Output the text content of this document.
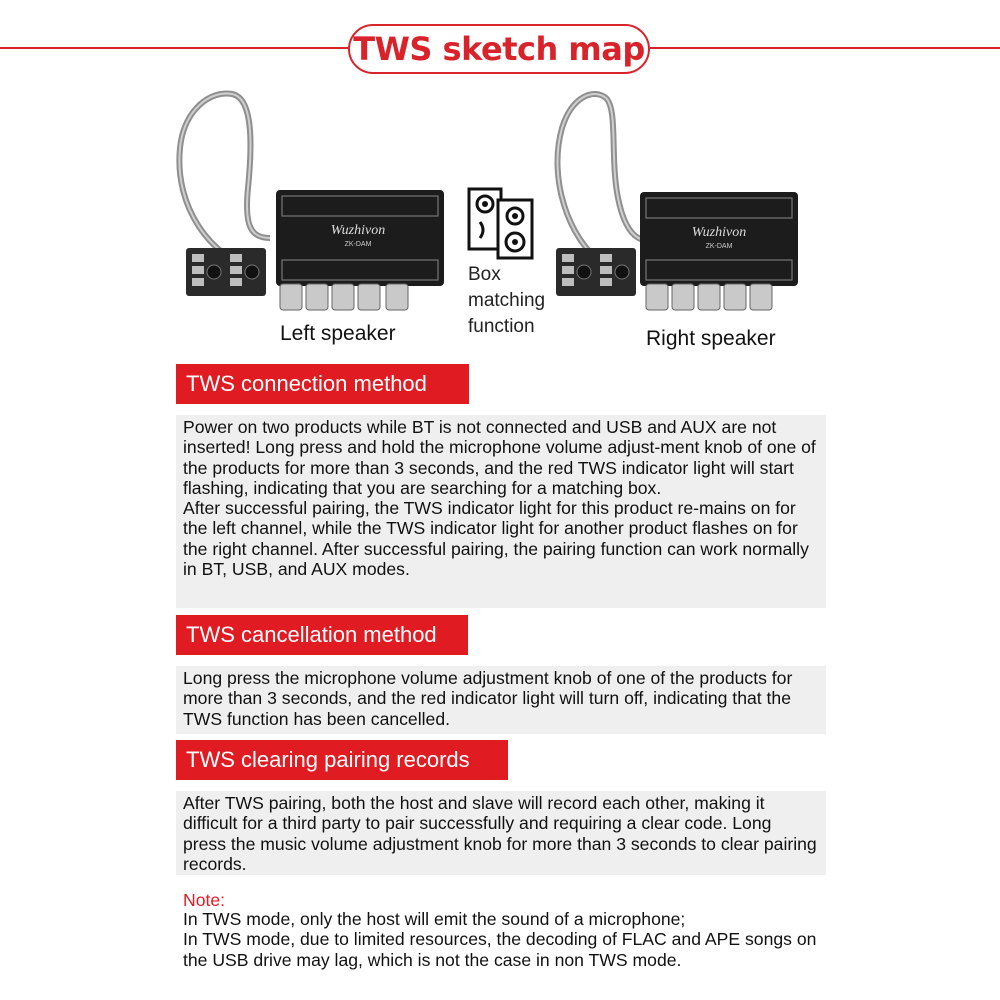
TWS sketch map
Wuzhivon
ZK-DAM
Left speaker
Box
matching
function
Wuzhivon
ZK-DAM
Right speaker
TWS connection method

Power on two products while BT is not connected and USB and AUX are not inserted! Long press and hold the microphone volume adjust-ment knob of one of the products for more than 3 seconds, and the red TWS indicator light will start flashing, indicating that you are searching for a matching box.

After successful pairing, the TWS indicator light for this product re-mains on for the left channel, while the TWS indicator light for another product flashes on for the right channel. After successful pairing, the pairing function can work normally in BT, USB, and AUX modes.

TWS cancellation method

Long press the microphone volume adjustment knob of one of the products for more than 3 seconds, and the red indicator light will turn off, indicating that the TWS function has been cancelled.

TWS clearing pairing records

After TWS pairing, both the host and slave will record each other, making it difficult for a third party to pair successfully and requiring a clear code. Long press the music volume adjustment knob for more than 3 seconds to clear pairing records.

Note:

In TWS mode, only the host will emit the sound of a microphone;

In TWS mode, due to limited resources, the decoding of FLAC and APE songs on the USB drive may lag, which is not the case in non TWS mode.
